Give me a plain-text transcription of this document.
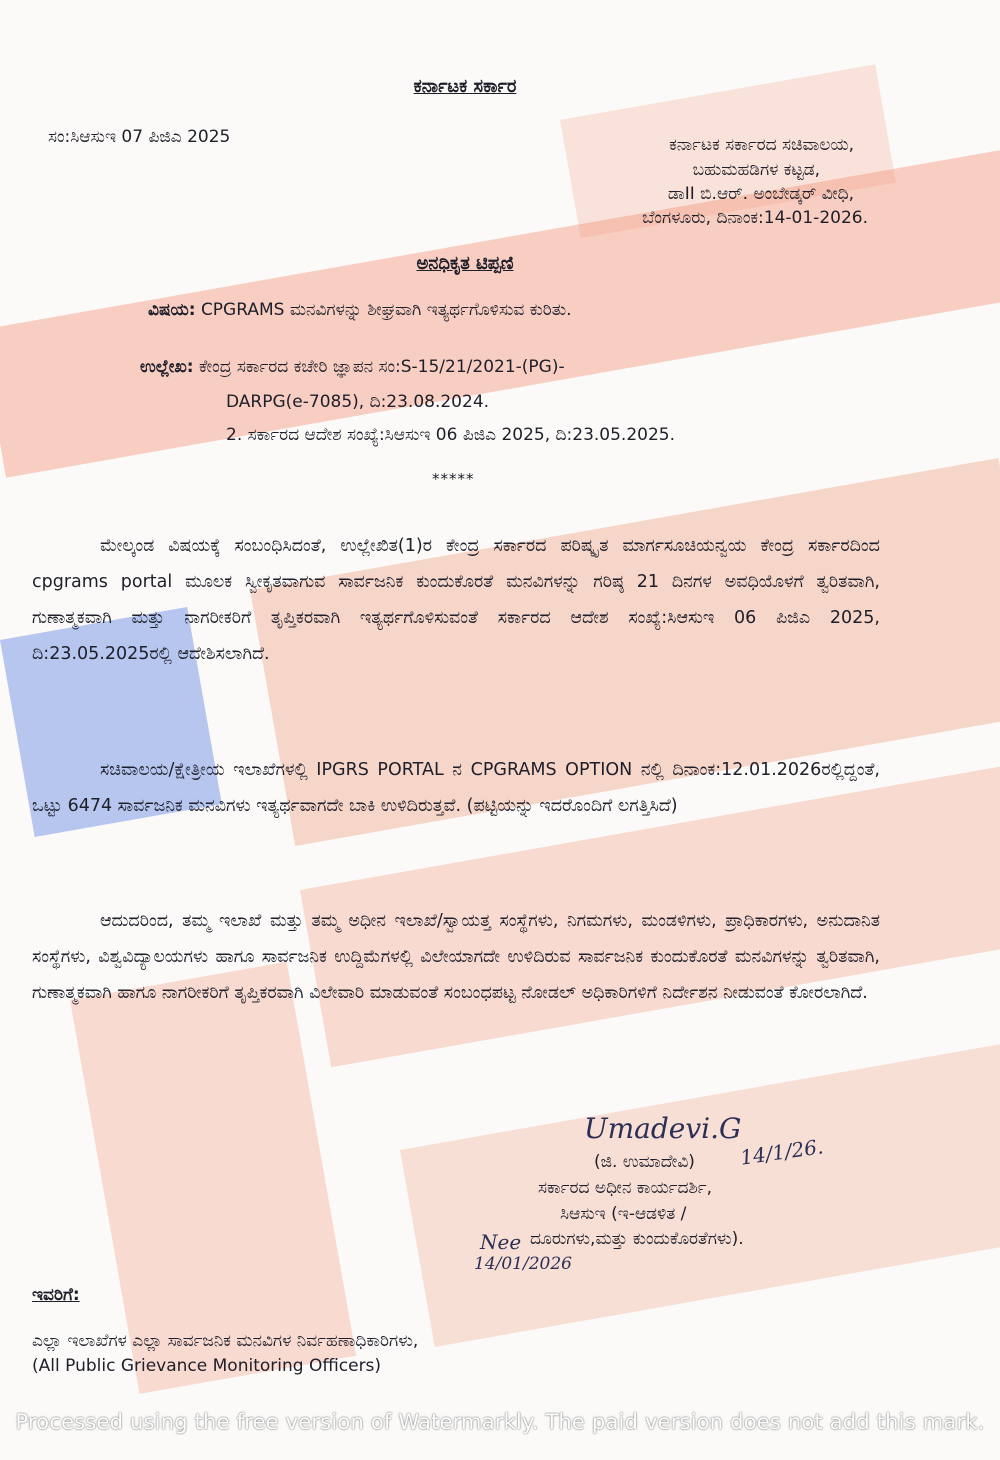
ಕರ್ನಾಟಕ ಸರ್ಕಾರ
ಸಂ:ಸಿಆಸುಇ 07 ಪಿಜಿಎ 2025	ಕರ್ನಾಟಕ ಸರ್ಕಾರದ ಸಚಿವಾಲಯ,
ಬಹುಮಹಡಿಗಳ ಕಟ್ಟಡ,
ಡಾII ಬಿ.ಆರ್. ಅಂಬೇಡ್ಕರ್ ವೀಧಿ,
ಬೆಂಗಳೂರು, ದಿನಾಂಕ:14-01-2026.
ಅನಧಿಕೃತ ಟಿಪ್ಪಣಿ
ವಿಷಯ: CPGRAMS ಮನವಿಗಳನ್ನು ಶೀಘ್ರವಾಗಿ ಇತ್ಯರ್ಥಗೊಳಿಸುವ ಕುರಿತು.
ಉಲ್ಲೇಖ: ಕೇಂದ್ರ ಸರ್ಕಾರದ ಕಚೇರಿ ಜ್ಞಾಪನ ಸಂ:S-15/21/2021-(PG)-
DARPG(e-7085), ದಿ:23.08.2024.
2. ಸರ್ಕಾರದ ಆದೇಶ ಸಂಖ್ಯೆ:ಸಿಆಸುಇ 06 ಪಿಜಿಎ 2025, ದಿ:23.05.2025.
*****

ಮೇಲ್ಕಂಡ ವಿಷಯಕ್ಕೆ ಸಂಬಂಧಿಸಿದಂತೆ, ಉಲ್ಲೇಖಿತ(1)ರ ಕೇಂದ್ರ ಸರ್ಕಾರದ ಪರಿಷ್ಕೃತ ಮಾರ್ಗಸೂಚಿಯನ್ವಯ ಕೇಂದ್ರ ಸರ್ಕಾರದಿಂದ cpgrams portal ಮೂಲಕ ಸ್ವೀಕೃತವಾಗುವ ಸಾರ್ವಜನಿಕ ಕುಂದುಕೊರತೆ ಮನವಿಗಳನ್ನು ಗರಿಷ್ಠ 21 ದಿನಗಳ ಅವಧಿಯೊಳಗೆ ತ್ವರಿತವಾಗಿ, ಗುಣಾತ್ಮಕವಾಗಿ ಮತ್ತು ನಾಗರೀಕರಿಗೆ ತೃಪ್ತಿಕರವಾಗಿ ಇತ್ಯರ್ಥಗೊಳಿಸುವಂತೆ ಸರ್ಕಾರದ ಆದೇಶ ಸಂಖ್ಯೆ:ಸಿಆಸುಇ 06 ಪಿಜಿಎ 2025, ದಿ:23.05.2025ರಲ್ಲಿ ಆದೇಶಿಸಲಾಗಿದೆ.

ಸಚಿವಾಲಯ/ಕ್ಷೇತ್ರೀಯ ಇಲಾಖೆಗಳಲ್ಲಿ IPGRS PORTAL ನ CPGRAMS OPTION ನಲ್ಲಿ ದಿನಾಂಕ:12.01.2026ರಲ್ಲಿದ್ದಂತೆ, ಒಟ್ಟು 6474 ಸಾರ್ವಜನಿಕ ಮನವಿಗಳು ಇತ್ಯರ್ಥವಾಗದೇ ಬಾಕಿ ಉಳಿದಿರುತ್ತವೆ. (ಪಟ್ಟಿಯನ್ನು ಇದರೊಂದಿಗೆ ಲಗತ್ತಿಸಿದೆ)

ಆದುದರಿಂದ, ತಮ್ಮ ಇಲಾಖೆ ಮತ್ತು ತಮ್ಮ ಅಧೀನ ಇಲಾಖೆ/ಸ್ವಾಯತ್ತ ಸಂಸ್ಥೆಗಳು, ನಿಗಮಗಳು, ಮಂಡಳಿಗಳು, ಪ್ರಾಧಿಕಾರಗಳು, ಅನುದಾನಿತ ಸಂಸ್ಥೆಗಳು, ವಿಶ್ವವಿದ್ಯಾಲಯಗಳು ಹಾಗೂ ಸಾರ್ವಜನಿಕ ಉದ್ದಿಮೆಗಳಲ್ಲಿ ವಿಲೇಯಾಗದೇ ಉಳಿದಿರುವ ಸಾರ್ವಜನಿಕ ಕುಂದುಕೊರತೆ ಮನವಿಗಳನ್ನು ತ್ವರಿತವಾಗಿ, ಗುಣಾತ್ಮಕವಾಗಿ ಹಾಗೂ ನಾಗರೀಕರಿಗೆ ತೃಪ್ತಿಕರವಾಗಿ ವಿಲೇವಾರಿ ಮಾಡುವಂತೆ ಸಂಬಂಧಪಟ್ಟ ನೋಡಲ್ ಅಧಿಕಾರಿಗಳಿಗೆ ನಿರ್ದೇಶನ ನೀಡುವಂತೆ ಕೋರಲಾಗಿದೆ.

Umadevi.G
14/1/26.
(ಜಿ. ಉಮಾದೇವಿ)
ಸರ್ಕಾರದ ಅಧೀನ ಕಾರ್ಯದರ್ಶಿ,
ಸಿಆಸುಇ (ಇ-ಆಡಳಿತ /
ದೂರುಗಳು,ಮತ್ತು ಕುಂದುಕೊರತೆಗಳು).
Nee
14/01/2026
ಇವರಿಗೆ:
ಎಲ್ಲಾ ಇಲಾಖೆಗಳ ಎಲ್ಲಾ ಸಾರ್ವಜನಿಕ ಮನವಿಗಳ ನಿರ್ವಹಣಾಧಿಕಾರಿಗಳು,
(All Public Grievance Monitoring Officers)
Processed using the free version of Watermarkly. The paid version does not add this mark.
